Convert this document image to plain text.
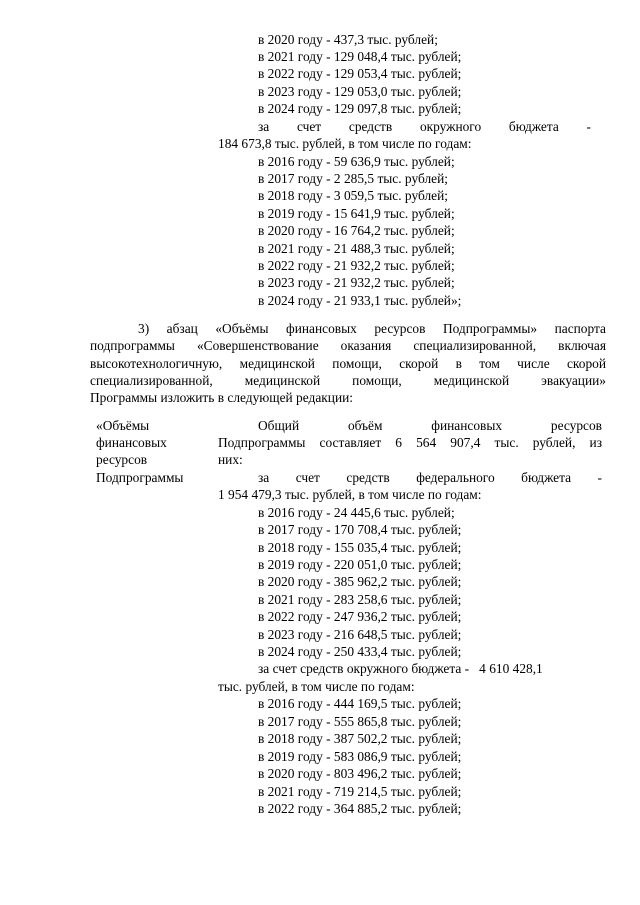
в 2020 году - 437,3 тыс. рублей;
в 2021 году - 129 048,4 тыс. рублей;
в 2022 году - 129 053,4 тыс. рублей;
в 2023 году - 129 053,0 тыс. рублей;
в 2024 году - 129 097,8 тыс. рублей;
за счет средств окружного бюджета -
184 673,8 тыс. рублей, в том числе по годам:
в 2016 году - 59 636,9 тыс. рублей;
в 2017 году - 2 285,5 тыс. рублей;
в 2018 году - 3 059,5 тыс. рублей;
в 2019 году - 15 641,9 тыс. рублей;
в 2020 году - 16 764,2 тыс. рублей;
в 2021 году - 21 488,3 тыс. рублей;
в 2022 году - 21 932,2 тыс. рублей;
в 2023 году - 21 932,2 тыс. рублей;
в 2024 году - 21 933,1 тыс. рублей»;
3) абзац «Объёмы финансовых ресурсов Подпрограммы» паспорта
подпрограммы «Совершенствование оказания специализированной, включая
высокотехнологичную, медицинской помощи, скорой в том числе скорой
специализированной, медицинской помощи, медицинской эвакуации»
Программы изложить в следующей редакции:
«Объёмы
финансовых
ресурсов
Подпрограммы
Общий объём финансовых ресурсов
Подпрограммы составляет 6 564 907,4 тыс. рублей, из
них:
за счет средств федерального бюджета -
1 954 479,3 тыс. рублей, в том числе по годам:
в 2016 году - 24 445,6 тыс. рублей;
в 2017 году - 170 708,4 тыс. рублей;
в 2018 году - 155 035,4 тыс. рублей;
в 2019 году - 220 051,0 тыс. рублей;
в 2020 году - 385 962,2 тыс. рублей;
в 2021 году - 283 258,6 тыс. рублей;
в 2022 году - 247 936,2 тыс. рублей;
в 2023 году - 216 648,5 тыс. рублей;
в 2024 году - 250 433,4 тыс. рублей;
за счет средств окружного бюджета -   4 610 428,1
тыс. рублей, в том числе по годам:
в 2016 году - 444 169,5 тыс. рублей;
в 2017 году - 555 865,8 тыс. рублей;
в 2018 году - 387 502,2 тыс. рублей;
в 2019 году - 583 086,9 тыс. рублей;
в 2020 году - 803 496,2 тыс. рублей;
в 2021 году - 719 214,5 тыс. рублей;
в 2022 году - 364 885,2 тыс. рублей;
